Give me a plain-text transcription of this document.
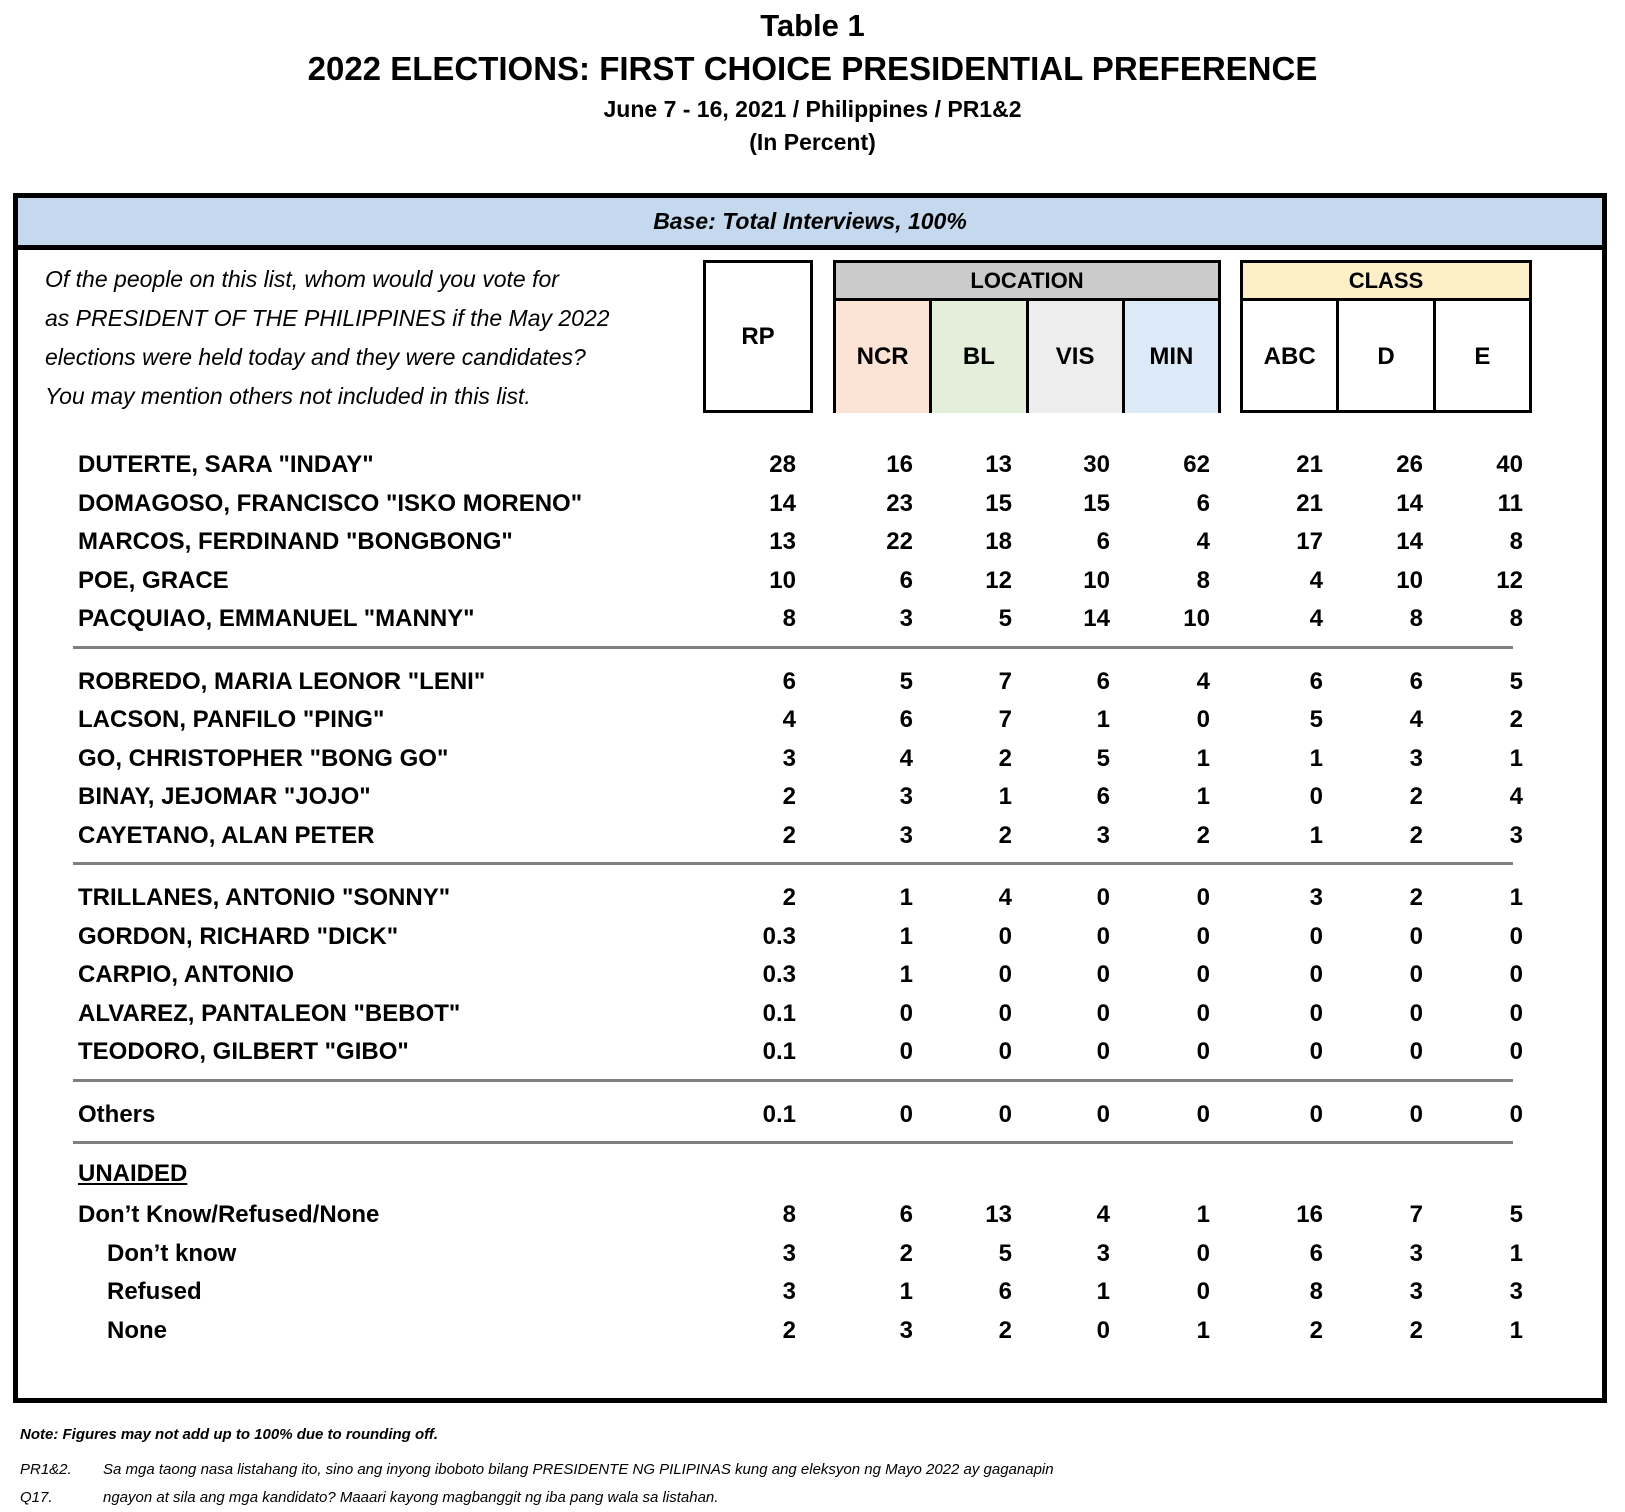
Table 1
2022 ELECTIONS: FIRST CHOICE PRESIDENTIAL PREFERENCE
June 7 - 16, 2021 / Philippines / PR1&2
(In Percent)
Base: Total Interviews, 100%
Of the people on this list, whom would you vote for
as PRESIDENT OF THE PHILIPPINES if the May 2022
elections were held today and they were candidates?
You may mention others not included in this list.
RP
LOCATION
NCR	BL	VIS	MIN
CLASS
ABC	D	E
DUTERTE, SARA "INDAY"	28	16	13	30	62	21	26	40
DOMAGOSO, FRANCISCO "ISKO MORENO"	14	23	15	15	6	21	14	11
MARCOS, FERDINAND "BONGBONG"	13	22	18	6	4	17	14	8
POE, GRACE	10	6	12	10	8	4	10	12
PACQUIAO, EMMANUEL "MANNY"	8	3	5	14	10	4	8	8
ROBREDO, MARIA LEONOR "LENI"	6	5	7	6	4	6	6	5
LACSON, PANFILO "PING"	4	6	7	1	0	5	4	2
GO, CHRISTOPHER "BONG GO"	3	4	2	5	1	1	3	1
BINAY, JEJOMAR "JOJO"	2	3	1	6	1	0	2	4
CAYETANO, ALAN PETER	2	3	2	3	2	1	2	3
TRILLANES, ANTONIO "SONNY"	2	1	4	0	0	3	2	1
GORDON, RICHARD "DICK"	0.3	1	0	0	0	0	0	0
CARPIO, ANTONIO	0.3	1	0	0	0	0	0	0
ALVAREZ, PANTALEON "BEBOT"	0.1	0	0	0	0	0	0	0
TEODORO, GILBERT "GIBO"	0.1	0	0	0	0	0	0	0
Others	0.1	0	0	0	0	0	0	0
UNAIDED
Don’t Know/Refused/None	8	6	13	4	1	16	7	5
Don’t know	3	2	5	3	0	6	3	1
Refused	3	1	6	1	0	8	3	3
None	2	3	2	0	1	2	2	1
Note: Figures may not add up to 100% due to rounding off.
PR1&2. Sa mga taong nasa listahang ito, sino ang inyong iboboto bilang PRESIDENTE NG PILIPINAS kung ang eleksyon ng Mayo 2022 ay gaganapin
Q17.	ngayon at sila ang mga kandidato? Maaari kayong magbanggit ng iba pang wala sa listahan.
